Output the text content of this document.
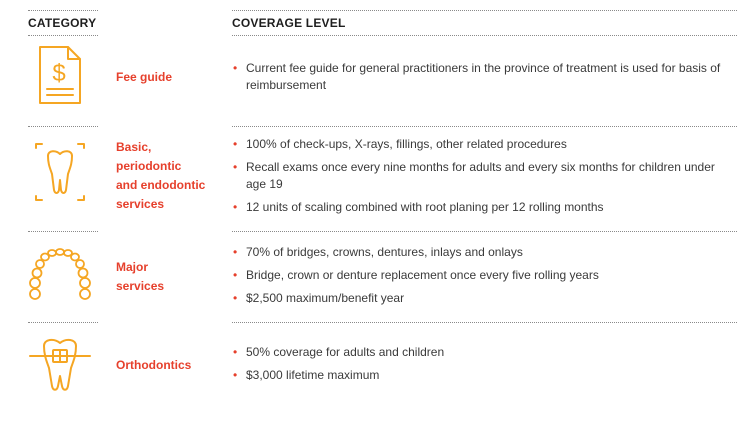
CATEGORY	COVERAGE LEVEL
$	Fee guide
• Current fee guide for general practitioners in the province of treatment is used for basis of reimbursement
Basic,
periodontic
and endodontic
services
• 100% of check-ups, X-rays, fillings, other related procedures
• Recall exams once every nine months for adults and every six months for children under age 19
• 12 units of scaling combined with root planing per 12 rolling months
Major
services
• 70% of bridges, crowns, dentures, inlays and onlays
• Bridge, crown or denture replacement once every five rolling years
• $2,500 maximum/benefit year
Orthodontics
• 50% coverage for adults and children
• $3,000 lifetime maximum
